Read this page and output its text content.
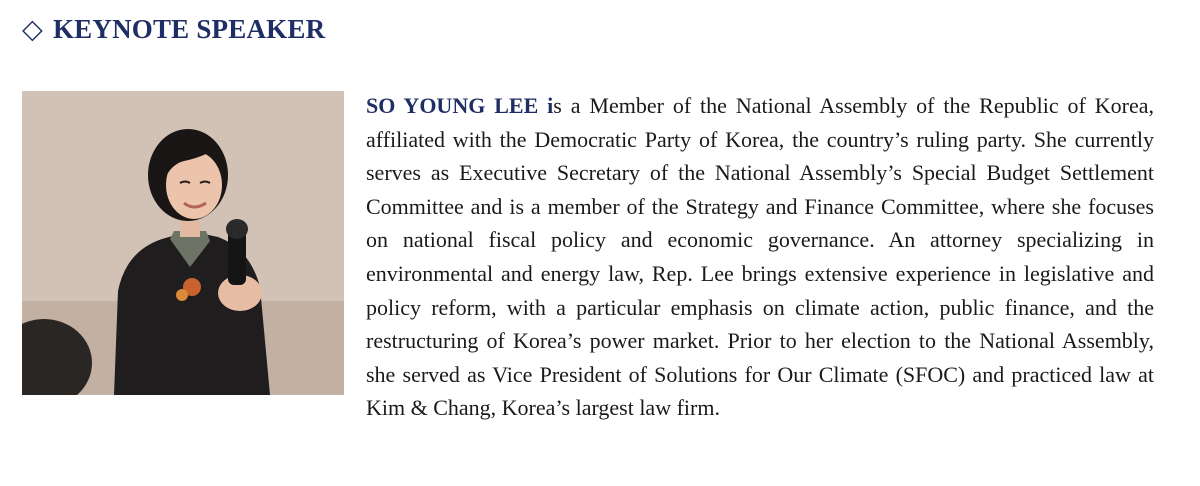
◇ KEYNOTE SPEAKER
SO YOUNG LEE is a Member of the National Assembly of the Republic of Korea, affiliated with the Democratic Party of Korea, the country’s ruling party. She currently serves as Executive Secretary of the National Assembly’s Special Budget Settlement Committee and is a member of the Strategy and Finance Committee, where she focuses on national fiscal policy and economic governance. An attorney specializing in environmental and energy law, Rep. Lee brings extensive experience in legislative and policy reform, with a particular emphasis on climate action, public finance, and the restructuring of Korea’s power market. Prior to her election to the National Assembly, she served as Vice President of Solutions for Our Climate (SFOC) and practiced law at Kim & Chang, Korea’s largest law firm.
